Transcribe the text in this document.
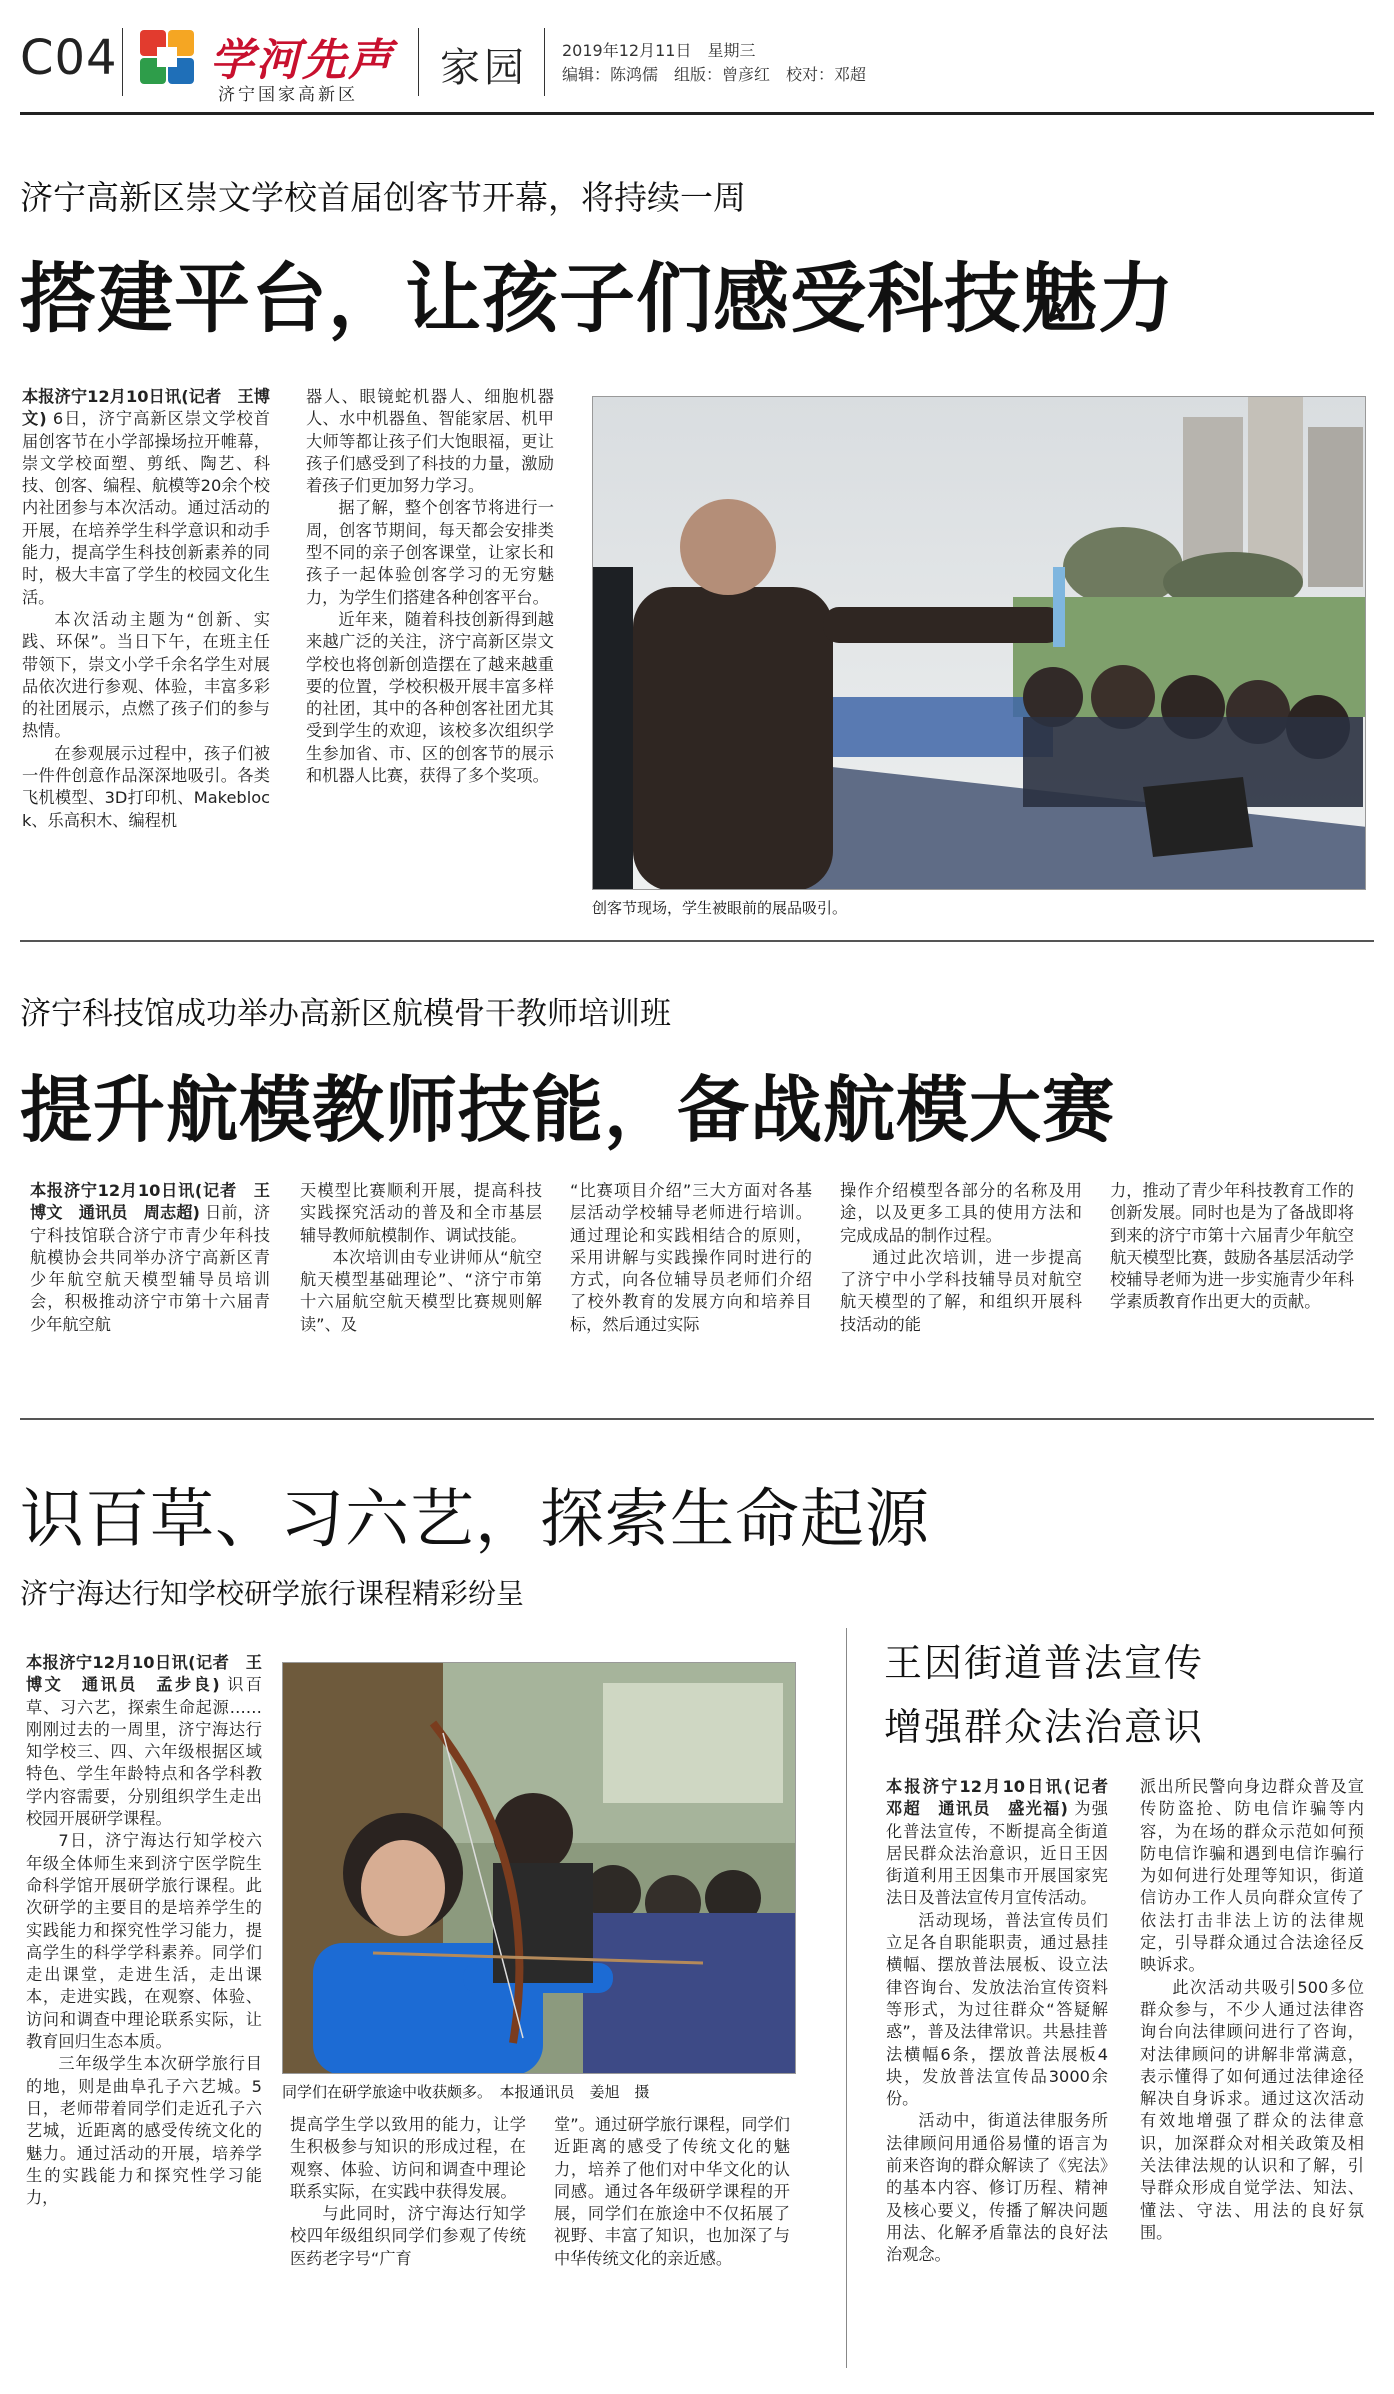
C04 学河先声
济宁国家高新区
家园 2019年12月11日　星期三
编辑：陈鸿儒　组版：曾彦红　校对：邓超
济宁高新区崇文学校首届创客节开幕，将持续一周
搭建平台，让孩子们感受科技魅力

本报济宁12月10日讯(记者　王博文) 6日，济宁高新区崇文学校首届创客节在小学部操场拉开帷幕，崇文学校面塑、剪纸、陶艺、科技、创客、编程、航模等20余个校内社团参与本次活动。通过活动的开展，在培养学生科学意识和动手能力，提高学生科技创新素养的同时，极大丰富了学生的校园文化生活。

本次活动主题为“创新、实践、环保”。当日下午，在班主任带领下，崇文小学千余名学生对展品依次进行参观、体验，丰富多彩的社团展示，点燃了孩子们的参与热情。

在参观展示过程中，孩子们被一件件创意作品深深地吸引。各类飞机模型、3D打印机、Makeblock、乐高积木、编程机

器人、眼镜蛇机器人、细胞机器人、水中机器鱼、智能家居、机甲大师等都让孩子们大饱眼福，更让孩子们感受到了科技的力量，激励着孩子们更加努力学习。

据了解，整个创客节将进行一周，创客节期间，每天都会安排类型不同的亲子创客课堂，让家长和孩子一起体验创客学习的无穷魅力，为学生们搭建各种创客平台。

近年来，随着科技创新得到越来越广泛的关注，济宁高新区崇文学校也将创新创造摆在了越来越重要的位置，学校积极开展丰富多样的社团，其中的各种创客社团尤其受到学生的欢迎，该校多次组织学生参加省、市、区的创客节的展示和机器人比赛，获得了多个奖项。

创客节现场，学生被眼前的展品吸引。
济宁科技馆成功举办高新区航模骨干教师培训班
提升航模教师技能，备战航模大赛

本报济宁12月10日讯(记者　王博文　通讯员　周志超) 日前，济宁科技馆联合济宁市青少年科技航模协会共同举办济宁高新区青少年航空航天模型辅导员培训会，积极推动济宁市第十六届青少年航空航

天模型比赛顺利开展，提高科技实践探究活动的普及和全市基层辅导教师航模制作、调试技能。

本次培训由专业讲师从“航空航天模型基础理论”、“济宁市第十六届航空航天模型比赛规则解读”、及

“比赛项目介绍”三大方面对各基层活动学校辅导老师进行培训。通过理论和实践相结合的原则，采用讲解与实践操作同时进行的方式，向各位辅导员老师们介绍了校外教育的发展方向和培养目标，然后通过实际

操作介绍模型各部分的名称及用途，以及更多工具的使用方法和完成成品的制作过程。

通过此次培训，进一步提高了济宁中小学科技辅导员对航空航天模型的了解，和组织开展科技活动的能

力，推动了青少年科技教育工作的创新发展。同时也是为了备战即将到来的济宁市第十六届青少年航空航天模型比赛，鼓励各基层活动学校辅导老师为进一步实施青少年科学素质教育作出更大的贡献。

识百草、习六艺，探索生命起源
济宁海达行知学校研学旅行课程精彩纷呈

本报济宁12月10日讯(记者　王博文　通讯员　孟步良) 识百草、习六艺，探索生命起源……刚刚过去的一周里，济宁海达行知学校三、四、六年级根据区域特色、学生年龄特点和各学科教学内容需要，分别组织学生走出校园开展研学课程。

7日，济宁海达行知学校六年级全体师生来到济宁医学院生命科学馆开展研学旅行课程。此次研学的主要目的是培养学生的实践能力和探究性学习能力，提高学生的科学学科素养。同学们走出课堂，走进生活，走出课本，走进实践，在观察、体验、访问和调查中理论联系实际，让教育回归生态本质。

三年级学生本次研学旅行目的地，则是曲阜孔子六艺城。5日，老师带着同学们走近孔子六艺城，近距离的感受传统文化的魅力。通过活动的开展，培养学生的实践能力和探究性学习能力，

同学们在研学旅途中收获颇多。　本报通讯员　姜旭　摄

提高学生学以致用的能力，让学生积极参与知识的形成过程，在观察、体验、访问和调查中理论联系实际，在实践中获得发展。

与此同时，济宁海达行知学校四年级组织同学们参观了传统医药老字号“广育

堂”。通过研学旅行课程，同学们近距离的感受了传统文化的魅力，培养了他们对中华文化的认同感。通过各年级研学课程的开展，同学们在旅途中不仅拓展了视野、丰富了知识，也加深了与中华传统文化的亲近感。

王因街道普法宣传
增强群众法治意识

本报济宁12月10日讯(记者　邓超　通讯员　盛光福) 为强化普法宣传，不断提高全街道居民群众法治意识，近日王因街道利用王因集市开展国家宪法日及普法宣传月宣传活动。

活动现场，普法宣传员们立足各自职能职责，通过悬挂横幅、摆放普法展板、设立法律咨询台、发放法治宣传资料等形式，为过往群众“答疑解惑”，普及法律常识。共悬挂普法横幅6条，摆放普法展板4块，发放普法宣传品3000余份。

活动中，街道法律服务所法律顾问用通俗易懂的语言为前来咨询的群众解读了《宪法》的基本内容、修订历程、精神及核心要义，传播了解决问题用法、化解矛盾靠法的良好法治观念。

派出所民警向身边群众普及宣传防盗抢、防电信诈骗等内容，为在场的群众示范如何预防电信诈骗和遇到电信诈骗行为如何进行处理等知识，街道信访办工作人员向群众宣传了依法打击非法上访的法律规定，引导群众通过合法途径反映诉求。

此次活动共吸引500多位群众参与，不少人通过法律咨询台向法律顾问进行了咨询，对法律顾问的讲解非常满意，表示懂得了如何通过法律途径解决自身诉求。通过这次活动有效地增强了群众的法律意识，加深群众对相关政策及相关法律法规的认识和了解，引导群众形成自觉学法、知法、懂法、守法、用法的良好氛围。
